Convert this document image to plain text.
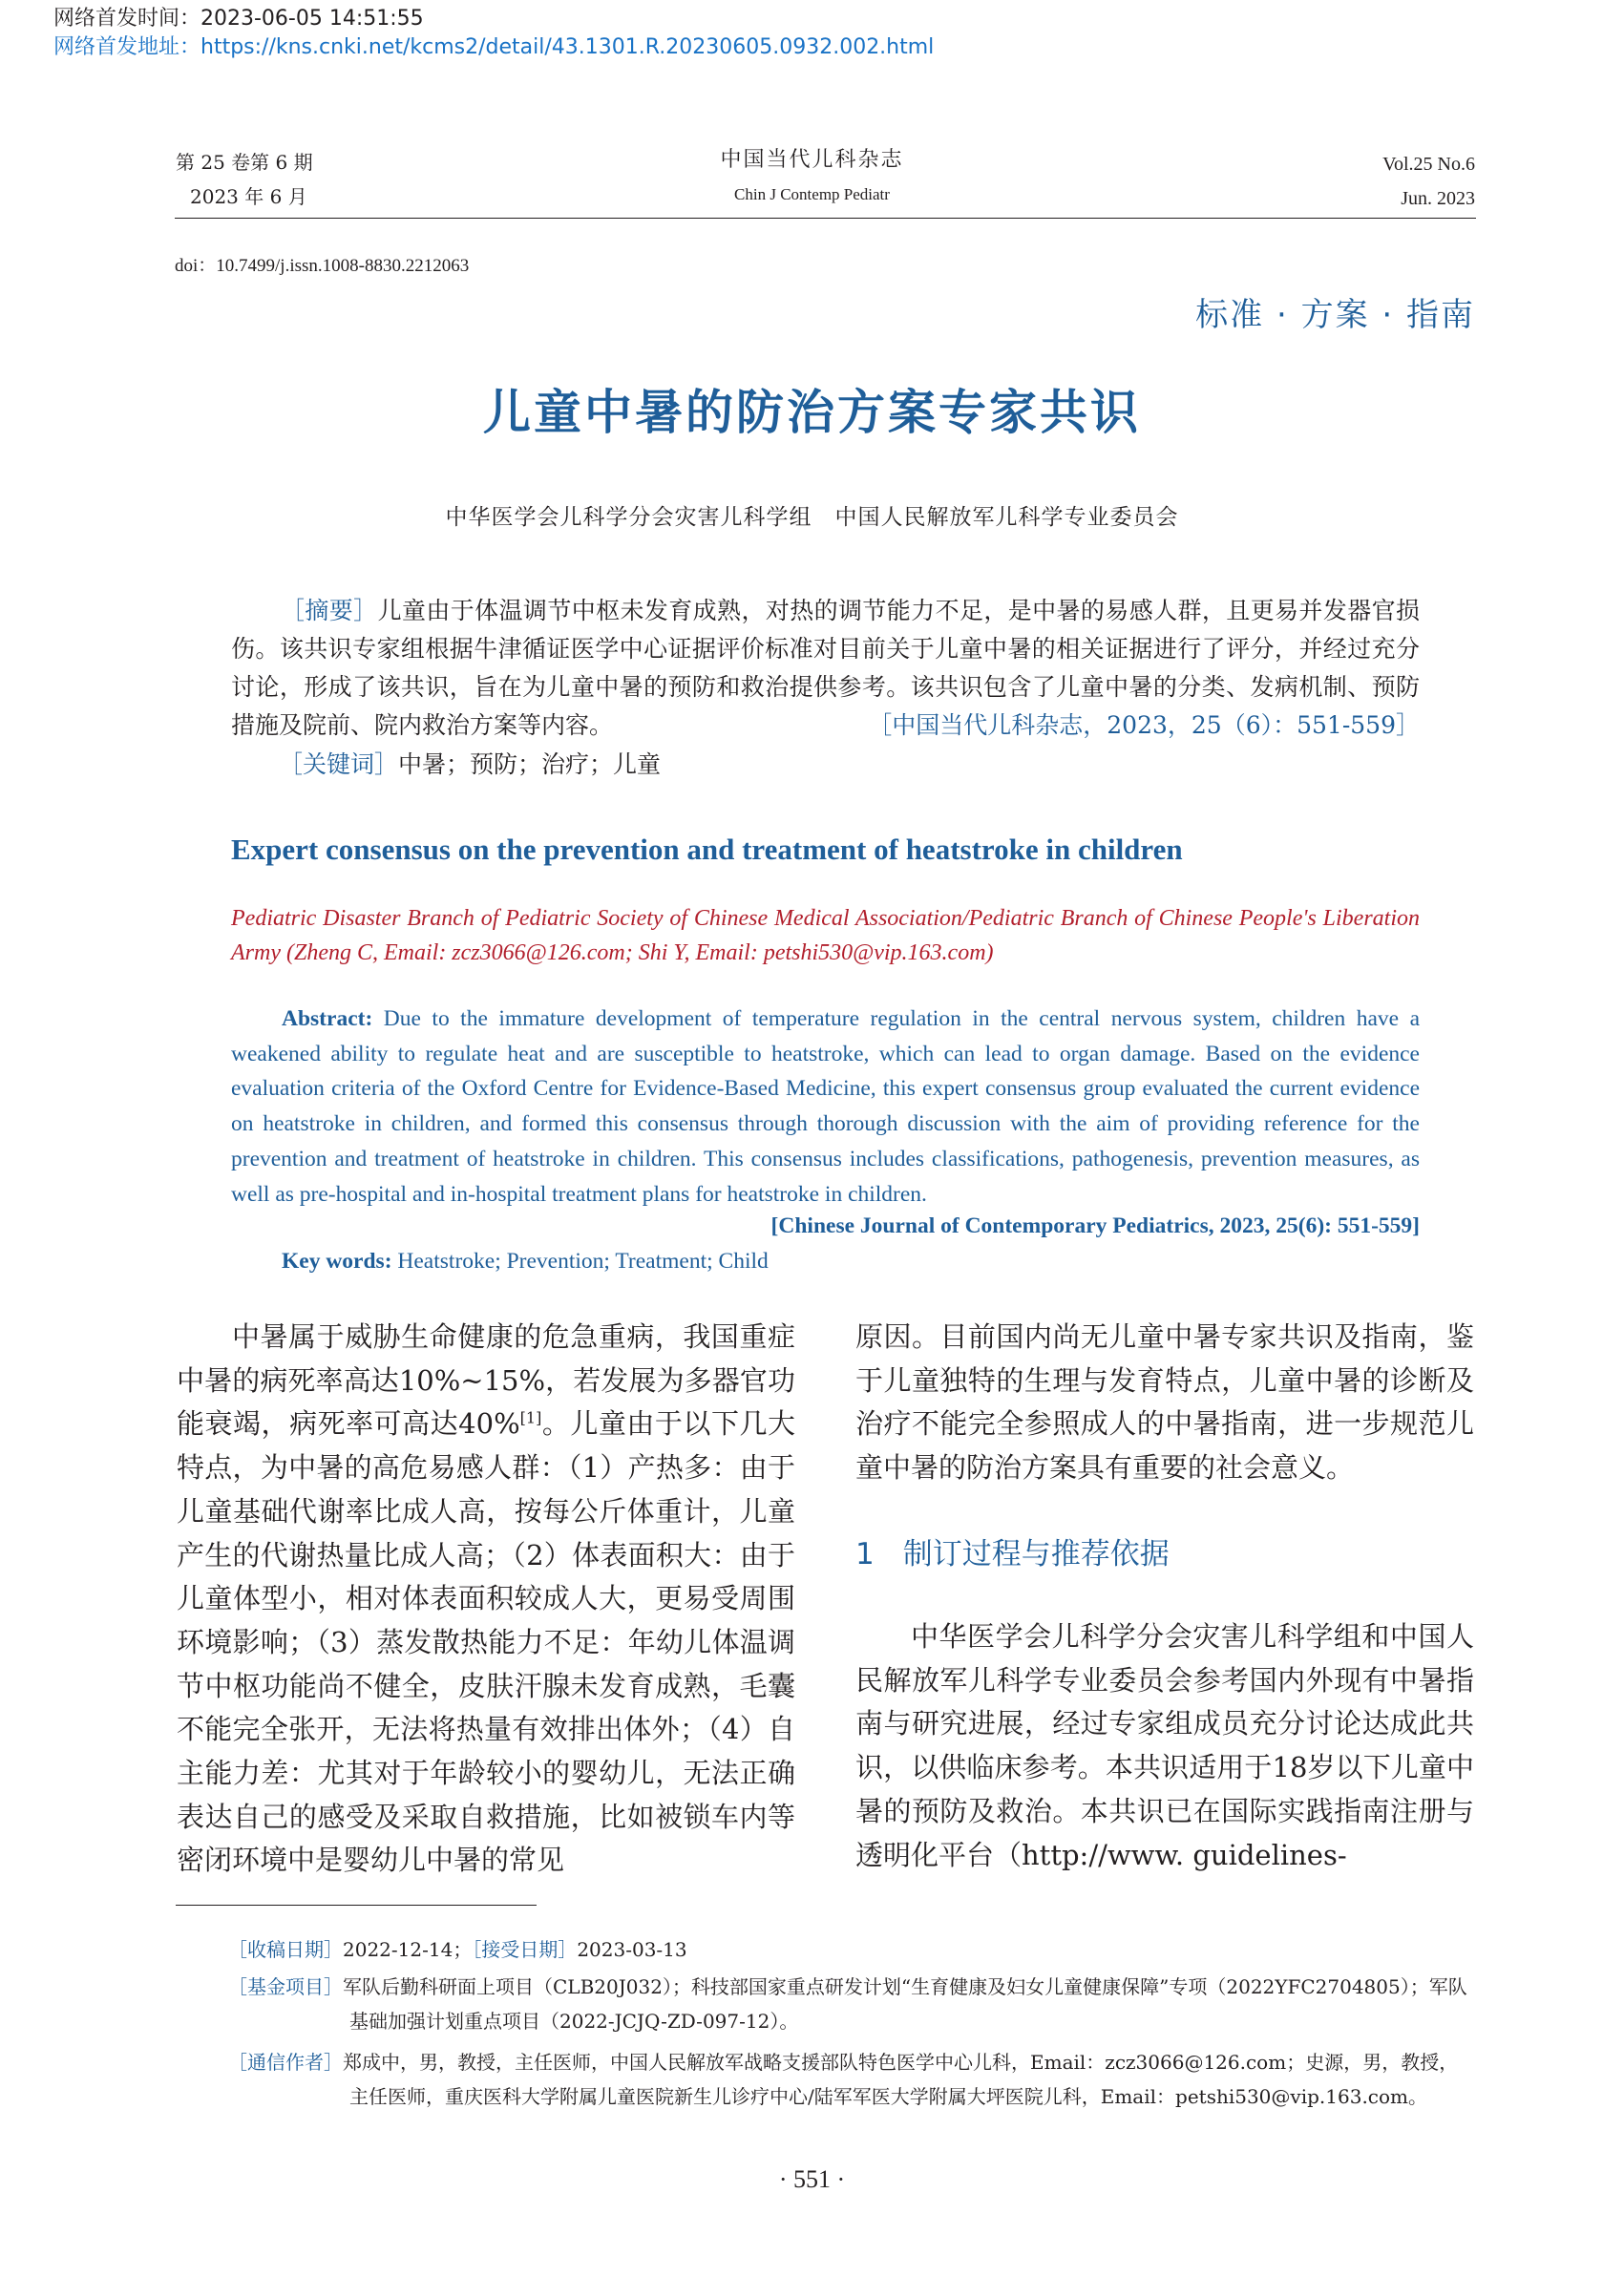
网络首发时间：2023-06-05 14:51:55
网络首发地址：https://kns.cnki.net/kcms2/detail/43.1301.R.20230605.0932.002.html
第 25 卷第 6 期
2023 年 6 月
中国当代儿科杂志
Chin J Contemp Pediatr
Vol.25 No.6
Jun. 2023
doi：10.7499/j.issn.1008-8830.2212063
标准 · 方案 · 指南
儿童中暑的防治方案专家共识
中华医学会儿科学分会灾害儿科学组　中国人民解放军儿科学专业委员会
［摘要］儿童由于体温调节中枢未发育成熟，对热的调节能力不足，是中暑的易感人群，且更易并发器官损伤。该共识专家组根据牛津循证医学中心证据评价标准对目前关于儿童中暑的相关证据进行了评分，并经过充分讨论，形成了该共识，旨在为儿童中暑的预防和救治提供参考。该共识包含了儿童中暑的分类、发病机制、预防措施及院前、院内救治方案等内容。	［中国当代儿科杂志，2023，25（6）：551-559］
［关键词］中暑；预防；治疗；儿童
Expert consensus on the prevention and treatment of heatstroke in children
Pediatric Disaster Branch of Pediatric Society of Chinese Medical Association/Pediatric Branch of Chinese People's Liberation Army (Zheng C, Email: zcz3066@126.com; Shi Y, Email: petshi530@vip.163.com)
Abstract: Due to the immature development of temperature regulation in the central nervous system, children have a weakened ability to regulate heat and are susceptible to heatstroke, which can lead to organ damage. Based on the evidence evaluation criteria of the Oxford Centre for Evidence-Based Medicine, this expert consensus group evaluated the current evidence on heatstroke in children, and formed this consensus through thorough discussion with the aim of providing reference for the prevention and treatment of heatstroke in children. This consensus includes classifications, pathogenesis, prevention measures, as well as pre-hospital and in-hospital treatment plans for heatstroke in children.
[Chinese Journal of Contemporary Pediatrics, 2023, 25(6): 551-559]
Key words: Heatstroke; Prevention; Treatment; Child
中暑属于威胁生命健康的危急重病，我国重症中暑的病死率高达10%~15%，若发展为多器官功能衰竭，病死率可高达40%[1]。儿童由于以下几大特点，为中暑的高危易感人群：（1）产热多：由于儿童基础代谢率比成人高，按每公斤体重计，儿童产生的代谢热量比成人高；（2）体表面积大：由于儿童体型小，相对体表面积较成人大，更易受周围环境影响；（3）蒸发散热能力不足：年幼儿体温调节中枢功能尚不健全，皮肤汗腺未发育成熟，毛囊不能完全张开，无法将热量有效排出体外；（4）自主能力差：尤其对于年龄较小的婴幼儿，无法正确表达自己的感受及采取自救措施，比如被锁车内等密闭环境中是婴幼儿中暑的常见
原因。目前国内尚无儿童中暑专家共识及指南，鉴于儿童独特的生理与发育特点，儿童中暑的诊断及治疗不能完全参照成人的中暑指南，进一步规范儿童中暑的防治方案具有重要的社会意义。
1 制订过程与推荐依据
中华医学会儿科学分会灾害儿科学组和中国人民解放军儿科学专业委员会参考国内外现有中暑指南与研究进展，经过专家组成员充分讨论达成此共识，以供临床参考。本共识适用于18岁以下儿童中暑的预防及救治。本共识已在国际实践指南注册与透明化平台（http://www. guidelines-
［收稿日期］2022-12-14；［接受日期］2023-03-13
［基金项目］军队后勤科研面上项目（CLB20J032）；科技部国家重点研发计划“生育健康及妇女儿童健康保障”专项（2022YFC2704805）；军队基础加强计划重点项目（2022-JCJQ-ZD-097-12）。
［通信作者］郑成中，男，教授，主任医师，中国人民解放军战略支援部队特色医学中心儿科，Email：zcz3066@126.com；史源，男，教授，主任医师，重庆医科大学附属儿童医院新生儿诊疗中心/陆军军医大学附属大坪医院儿科，Email：petshi530@vip.163.com。
· 551 ·
